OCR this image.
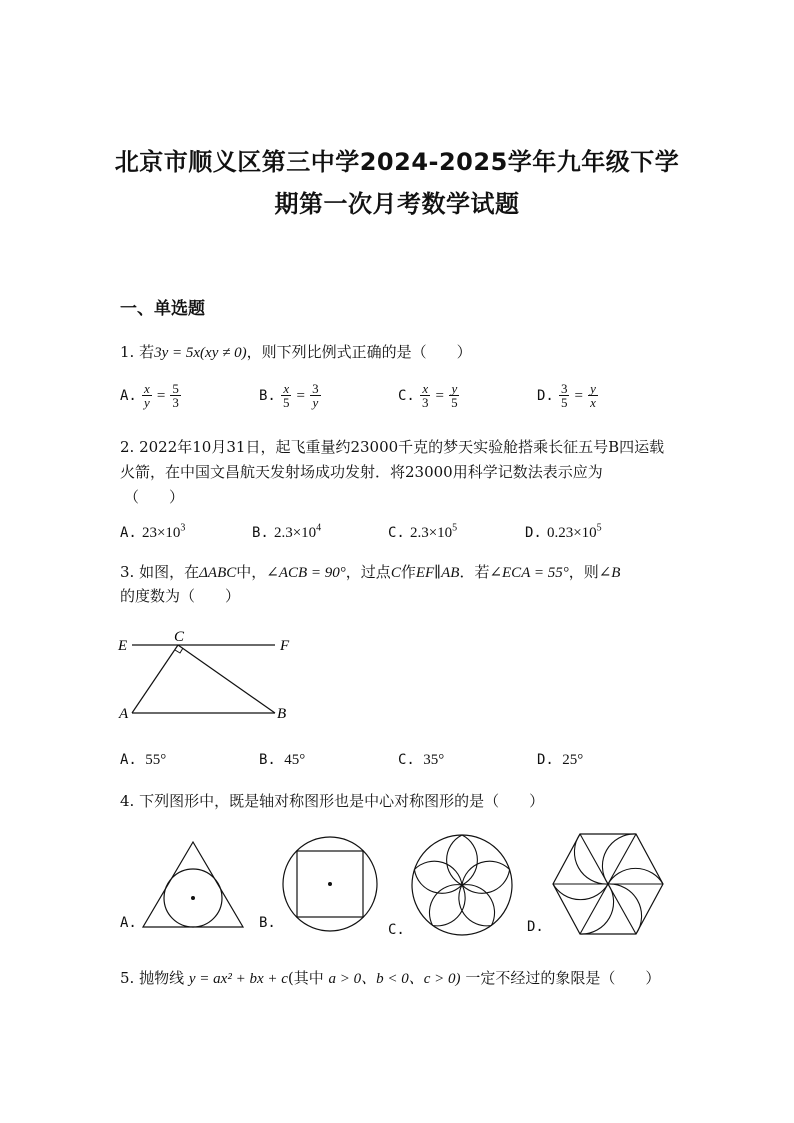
北京市顺义区第三中学2024-2025学年九年级下学
期第一次月考数学试题
一、单选题
1. 若3y = 5x(xy ≠ 0)，则下列比例式正确的是（　　）
A. $\frac{x}{y} = \frac{5}{3}$	B. $\frac{x}{5} = \frac{3}{y}$	C. $\frac{x}{3} = \frac{y}{5}$	D. $\frac{3}{5} = \frac{y}{x}$
2. 2022年10月31日，起飞重量约23000千克的梦天实验舱搭乘长征五号B四运载
火箭，在中国文昌航天发射场成功发射．将23000用科学记数法表示应为
（　　）
A. $23\times 10^3$	B. $2.3\times 10^4$	C. $2.3\times 10^5$	D. $0.23\times 10^5$
3. 如图，在ΔABC中，∠ACB = 90°，过点C作EF∥AB．若∠ECA = 55°，则∠B
的度数为（　　）
E
C
F
A	B
A. 55°	B. 45°	C. 35°	D. 25°
4. 下列图形中，既是轴对称图形也是中心对称图形的是（　　）
A.	B.	C.	D.
5. 抛物线 y = ax² + bx + c(其中 a > 0、b < 0、c > 0) 一定不经过的象限是（　　）
